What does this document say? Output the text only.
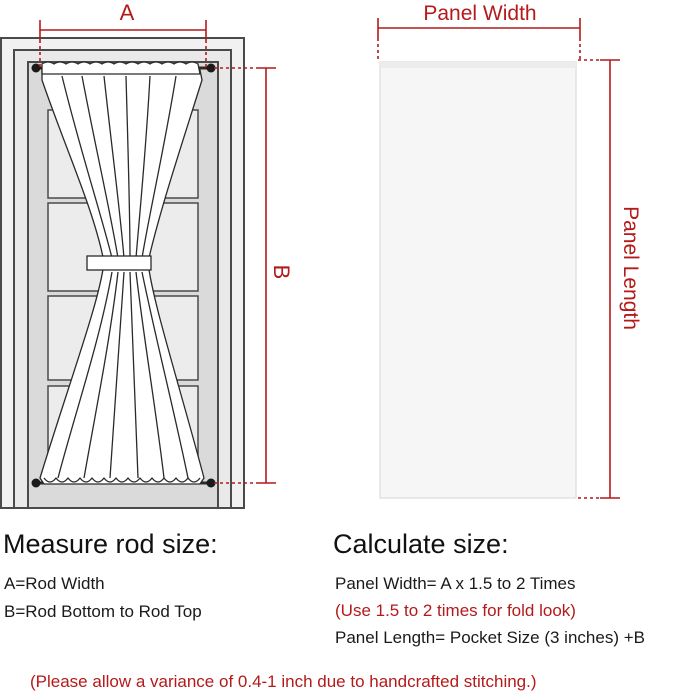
A
B
Panel Width
Panel Length
Measure rod size:
A=Rod Width
B=Rod Bottom to Rod Top
Calculate size:
Panel Width= A x 1.5 to 2 Times
(Use 1.5 to 2 times for fold look)
Panel Length= Pocket Size (3 inches) +B
(Please allow a variance of 0.4-1 inch due to handcrafted stitching.)
